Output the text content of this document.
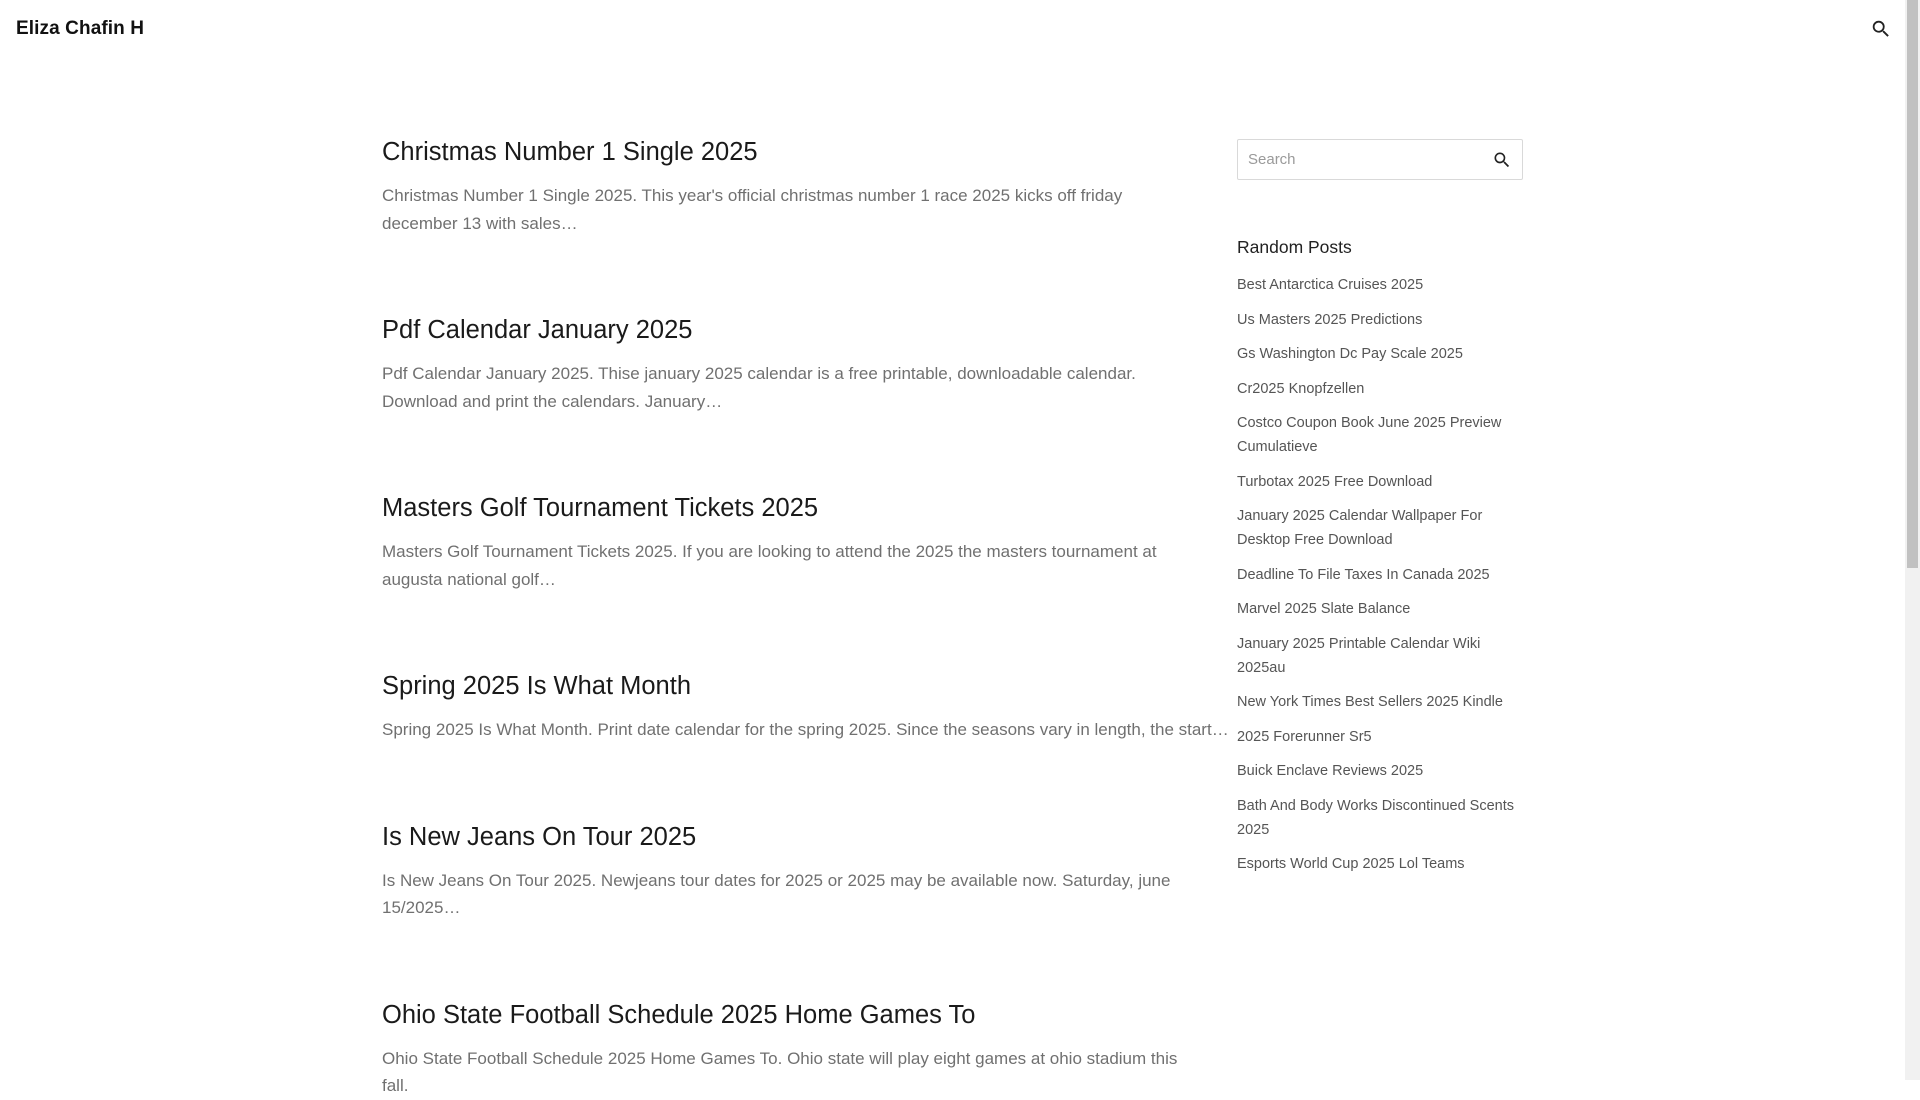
Eliza Chafin H
Christmas Number 1 Single 2025

Christmas Number 1 Single 2025. This year's official christmas number 1 race 2025 kicks off friday december 13 with sales…

Pdf Calendar January 2025

Pdf Calendar January 2025. Thise january 2025 calendar is a free printable, downloadable calendar. Download and print the calendars. January…

Masters Golf Tournament Tickets 2025

Masters Golf Tournament Tickets 2025. If you are looking to attend the 2025 the masters tournament at augusta national golf…

Spring 2025 Is What Month

Spring 2025 Is What Month. Print date calendar for the spring 2025. Since the seasons vary in length, the start…

Is New Jeans On Tour 2025

Is New Jeans On Tour 2025. Newjeans tour dates for 2025 or 2025 may be available now. Saturday, june 15/2025…

Ohio State Football Schedule 2025 Home Games To

Ohio State Football Schedule 2025 Home Games To. Ohio state will play eight games at ohio stadium this fall.

Search
Random Posts
Best Antarctica Cruises 2025
Us Masters 2025 Predictions
Gs Washington Dc Pay Scale 2025
Cr2025 Knopfzellen
Costco Coupon Book June 2025 Preview Cumulatieve
Turbotax 2025 Free Download
January 2025 Calendar Wallpaper For Desktop Free Download
Deadline To File Taxes In Canada 2025
Marvel 2025 Slate Balance
January 2025 Printable Calendar Wiki 2025au
New York Times Best Sellers 2025 Kindle
2025 Forerunner Sr5
Buick Enclave Reviews 2025
Bath And Body Works Discontinued Scents 2025
Esports World Cup 2025 Lol Teams
